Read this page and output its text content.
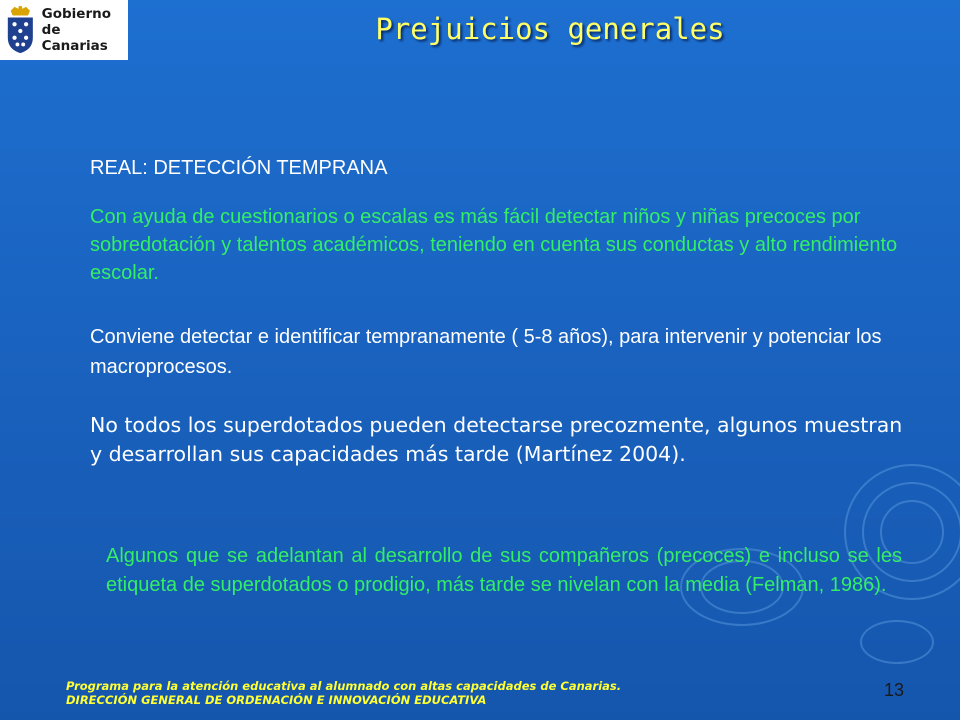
Gobierno
de Canarias	Prejuicios generales
REAL: DETECCIÓN TEMPRANA
Con ayuda de cuestionarios o escalas es más fácil detectar niños y niñas precoces por sobredotación y talentos académicos, teniendo en cuenta sus conductas y alto rendimiento escolar.
Conviene detectar e identificar tempranamente ( 5-8 años), para intervenir y potenciar los macroprocesos.
No todos los superdotados pueden detectarse precozmente, algunos muestran y desarrollan sus capacidades más tarde (Martínez 2004).
Algunos que se adelantan al desarrollo de sus compañeros (precoces) e incluso se les etiqueta de superdotados o prodigio, más tarde se nivelan con la media (Felman, 1986).
Programa para la atención educativa al alumnado con altas capacidades de Canarias.
DIRECCIÓN GENERAL DE ORDENACIÓN E INNOVACIÓN EDUCATIVA	13
